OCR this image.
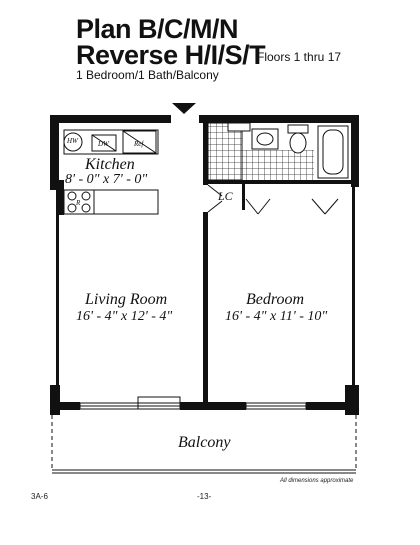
Plan B/C/M/N
Reverse H/I/S/T
Floors 1 thru 17
1 Bedroom/1 Bath/Balcony
HW	DW	Ref
R
Kitchen
8' - 0" x 7' - 0"
LC
Living Room
16' - 4" x 12' - 4"
Bedroom
16' - 4" x 11' - 10"
Balcony
All dimensions approximate
3A-6	-13-
